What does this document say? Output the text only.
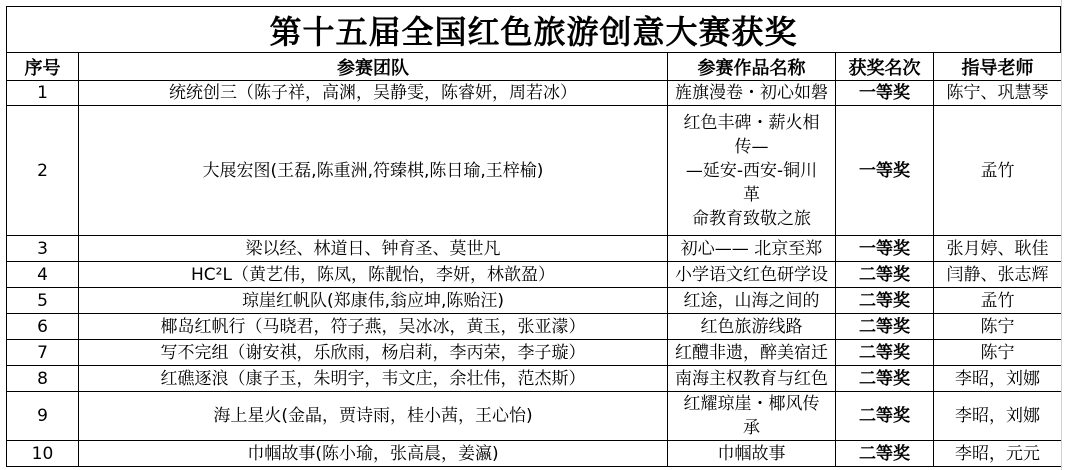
第十五届全国红色旅游创意大赛获奖
序号	参赛团队	参赛作品名称	获奖名次	指导老师
1	统统创三（陈子祥，高渊，吴静雯，陈睿妍，周若冰）	旌旗漫卷・初心如磐	一等奖	陈宁、巩慧琴
2	大展宏图(王磊,陈重洲,符臻棋,陈日瑜,王梓榆)	红色丰碑・薪火相
传—
—延安-西安-铜川
革
命教育致敬之旅	一等奖	孟竹
3	梁以经、林道日、钟育圣、莫世凡	初心—— 北京至郑	一等奖	张月婷、耿佳
4	HC²L（黄艺伟，陈凤，陈靓怡，李妍，林歆盈）	小学语文红色研学设	二等奖	闫静、张志辉
5	琼崖红帆队(郑康伟,翁应坤,陈贻汪)	红途，山海之间的	二等奖	孟竹
6	椰岛红帆行（马晓君，符子燕，吴冰冰，黄玉，张亚濛）	红色旅游线路	二等奖	陈宁
7	写不完组（谢安祺，乐欣雨，杨启莉，李丙荣，李子璇）	红醴非遗，醉美宿迁	二等奖	陈宁
8	红礁逐浪（康子玉，朱明宇，韦文庄，余壮伟，范杰斯）	南海主权教育与红色	二等奖	李昭，刘娜
9	海上星火(金晶，贾诗雨，桂小茜，王心怡)	红耀琼崖・椰风传
承	二等奖	李昭，刘娜
10	巾帼故事(陈小瑜，张高晨，姜瀛)	巾帼故事	二等奖	李昭，元元
